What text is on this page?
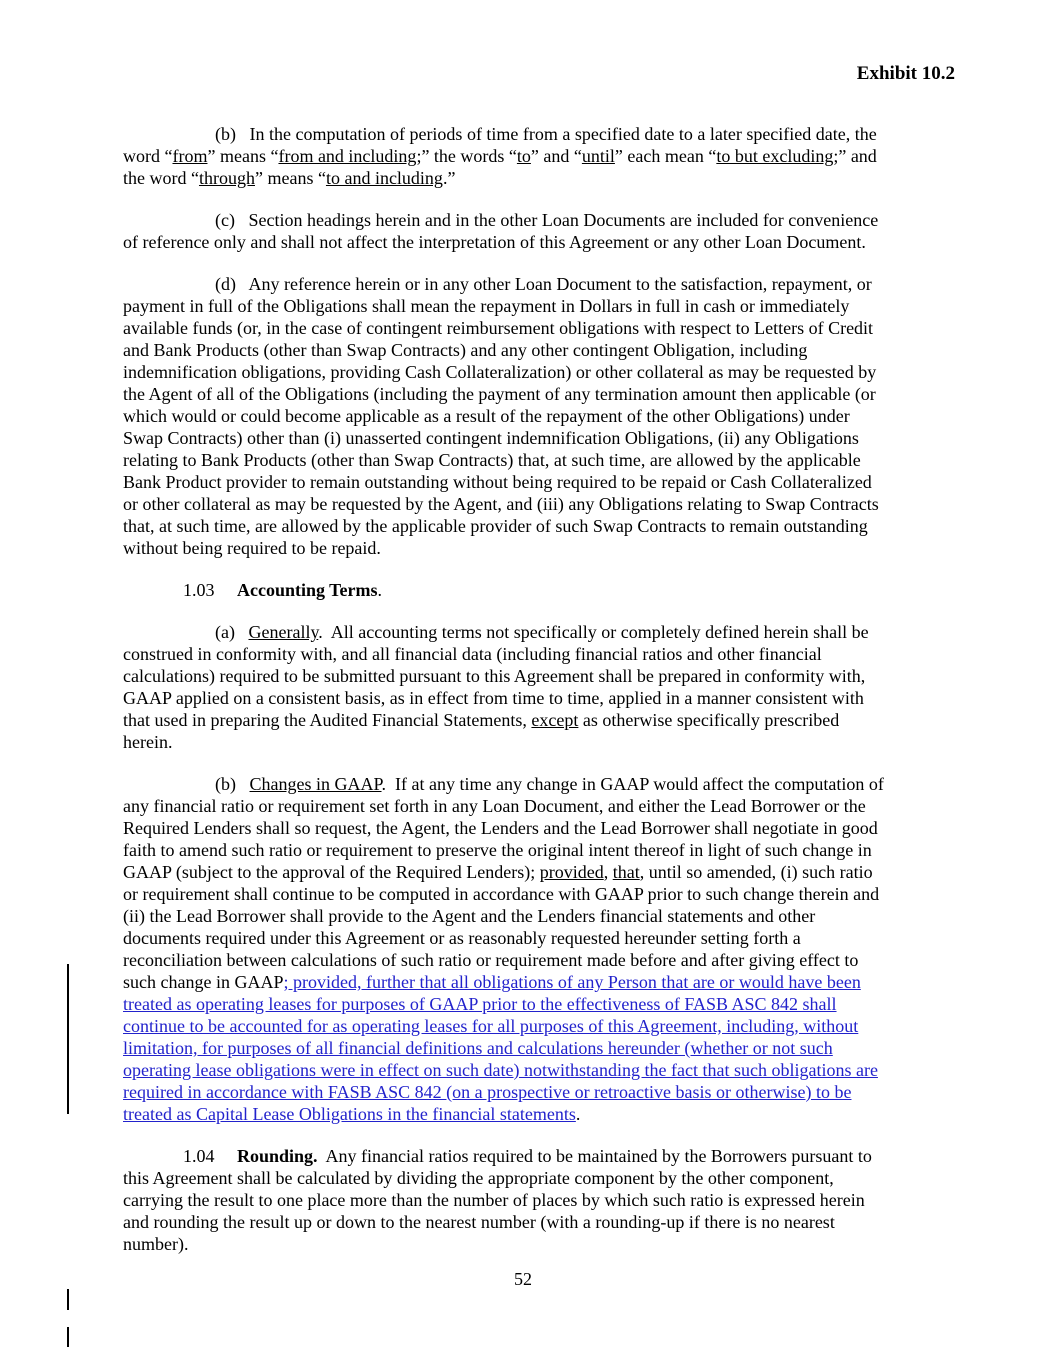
Exhibit 10.2
(b)   In the computation of periods of time from a specified date to a later specified date, the
word “from” means “from and including;” the words “to” and “until” each mean “to but excluding;” and
the word “through” means “to and including.”
(c)   Section headings herein and in the other Loan Documents are included for convenience
of reference only and shall not affect the interpretation of this Agreement or any other Loan Document.
(d)   Any reference herein or in any other Loan Document to the satisfaction, repayment, or
payment in full of the Obligations shall mean the repayment in Dollars in full in cash or immediately
available funds (or, in the case of contingent reimbursement obligations with respect to Letters of Credit
and Bank Products (other than Swap Contracts) and any other contingent Obligation, including
indemnification obligations, providing Cash Collateralization) or other collateral as may be requested by
the Agent of all of the Obligations (including the payment of any termination amount then applicable (or
which would or could become applicable as a result of the repayment of the other Obligations) under
Swap Contracts) other than (i) unasserted contingent indemnification Obligations, (ii) any Obligations
relating to Bank Products (other than Swap Contracts) that, at such time, are allowed by the applicable
Bank Product provider to remain outstanding without being required to be repaid or Cash Collateralized
or other collateral as may be requested by the Agent, and (iii) any Obligations relating to Swap Contracts
that, at such time, are allowed by the applicable provider of such Swap Contracts to remain outstanding
without being required to be repaid.
1.03     Accounting Terms.
(a)   Generally.  All accounting terms not specifically or completely defined herein shall be
construed in conformity with, and all financial data (including financial ratios and other financial
calculations) required to be submitted pursuant to this Agreement shall be prepared in conformity with,
GAAP applied on a consistent basis, as in effect from time to time, applied in a manner consistent with
that used in preparing the Audited Financial Statements, except as otherwise specifically prescribed
herein.
(b)   Changes in GAAP.  If at any time any change in GAAP would affect the computation of
any financial ratio or requirement set forth in any Loan Document, and either the Lead Borrower or the
Required Lenders shall so request, the Agent, the Lenders and the Lead Borrower shall negotiate in good
faith to amend such ratio or requirement to preserve the original intent thereof in light of such change in
GAAP (subject to the approval of the Required Lenders); provided, that, until so amended, (i) such ratio
or requirement shall continue to be computed in accordance with GAAP prior to such change therein and
(ii) the Lead Borrower shall provide to the Agent and the Lenders financial statements and other
documents required under this Agreement or as reasonably requested hereunder setting forth a
reconciliation between calculations of such ratio or requirement made before and after giving effect to
such change in GAAP; provided, further that all obligations of any Person that are or would have been
treated as operating leases for purposes of GAAP prior to the effectiveness of FASB ASC 842 shall
continue to be accounted for as operating leases for all purposes of this Agreement, including, without
limitation, for purposes of all financial definitions and calculations hereunder (whether or not such
operating lease obligations were in effect on such date) notwithstanding the fact that such obligations are
required in accordance with FASB ASC 842 (on a prospective or retroactive basis or otherwise) to be
treated as Capital Lease Obligations in the financial statements.
1.04     Rounding.  Any financial ratios required to be maintained by the Borrowers pursuant to
this Agreement shall be calculated by dividing the appropriate component by the other component,
carrying the result to one place more than the number of places by which such ratio is expressed herein
and rounding the result up or down to the nearest number (with a rounding-up if there is no nearest
number).
52
